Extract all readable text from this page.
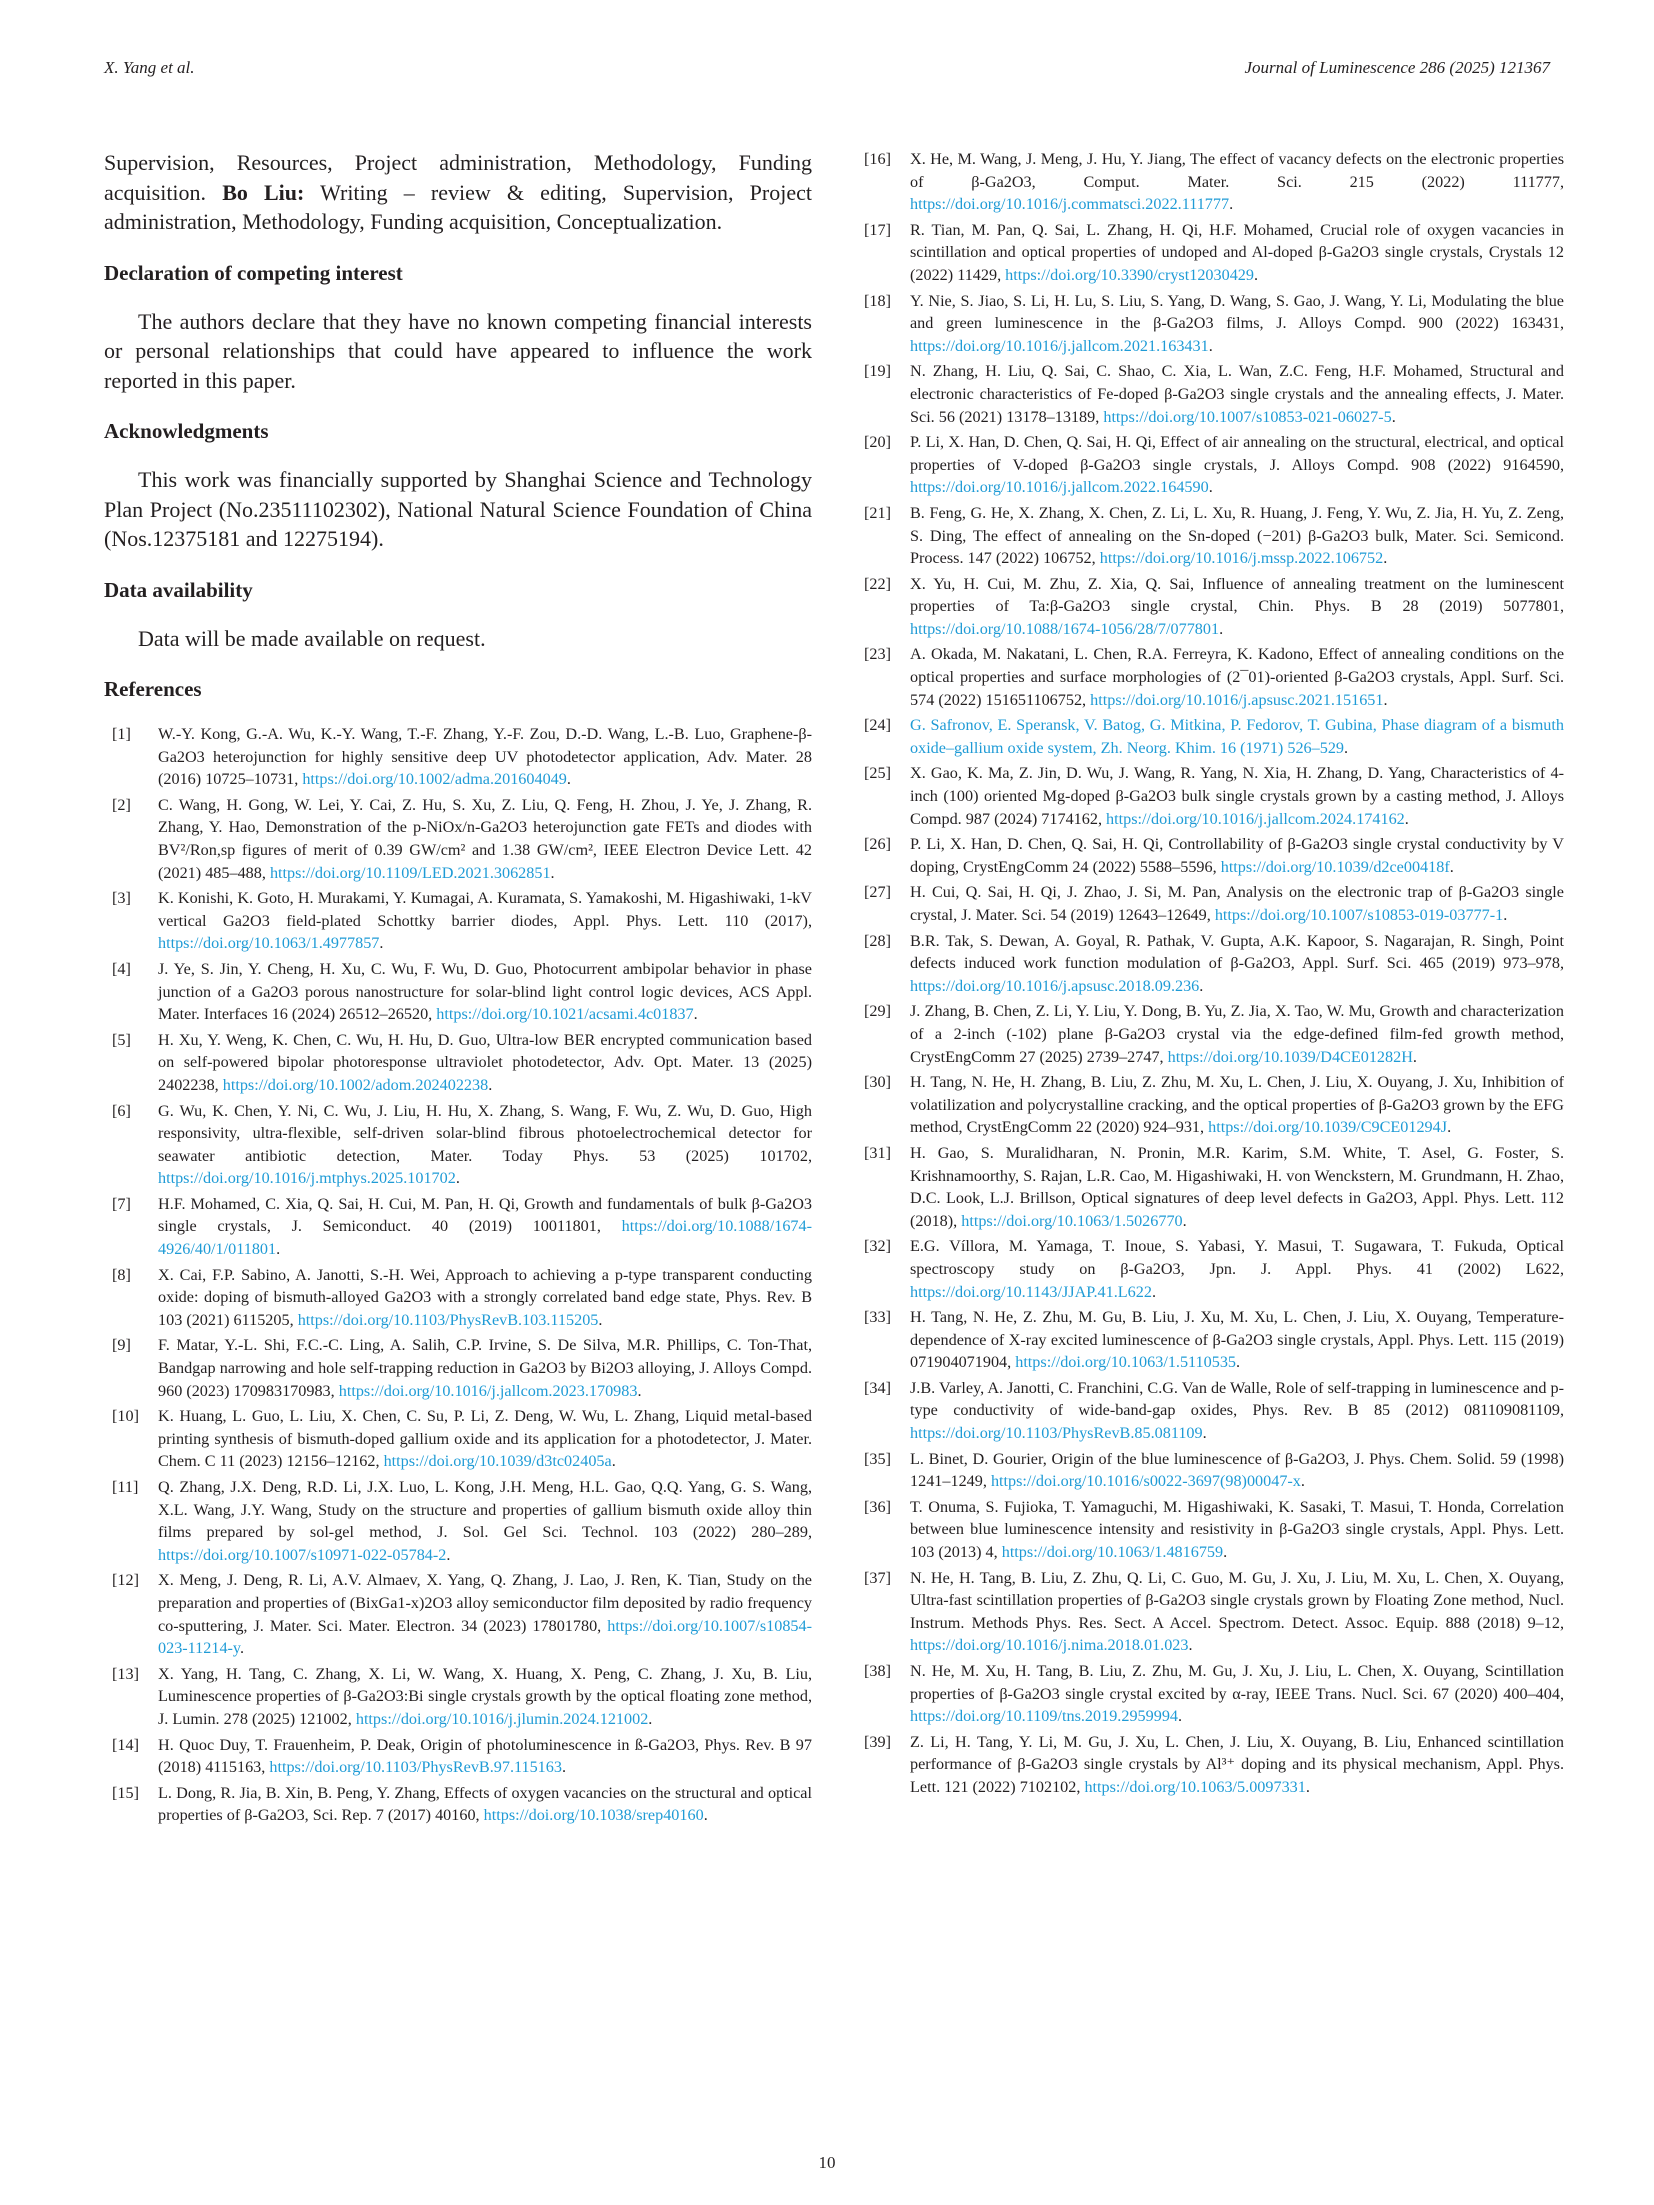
X. Yang et al.	Journal of Luminescence 286 (2025) 121367

Supervision, Resources, Project administration, Methodology, Funding acquisition. Bo Liu: Writing – review & editing, Supervision, Project administration, Methodology, Funding acquisition, Conceptualization.

Declaration of competing interest

The authors declare that they have no known competing financial interests or personal relationships that could have appeared to influence the work reported in this paper.

Acknowledgments

This work was financially supported by Shanghai Science and Technology Plan Project (No.23511102302), National Natural Science Foundation of China (Nos.12375181 and 12275194).

Data availability

Data will be made available on request.

References

[1]	W.-Y. Kong, G.-A. Wu, K.-Y. Wang, T.-F. Zhang, Y.-F. Zou, D.-D. Wang, L.-B. Luo, Graphene-β-Ga2O3 heterojunction for highly sensitive deep UV photodetector application, Adv. Mater. 28 (2016) 10725–10731, https://doi.org/10.1002/adma.201604049.

[2]	C. Wang, H. Gong, W. Lei, Y. Cai, Z. Hu, S. Xu, Z. Liu, Q. Feng, H. Zhou, J. Ye, J. Zhang, R. Zhang, Y. Hao, Demonstration of the p-NiOx/n-Ga2O3 heterojunction gate FETs and diodes with BV²/Ron,sp figures of merit of 0.39 GW/cm² and 1.38 GW/cm², IEEE Electron Device Lett. 42 (2021) 485–488, https://doi.org/10.1109/LED.2021.3062851.

[3]	K. Konishi, K. Goto, H. Murakami, Y. Kumagai, A. Kuramata, S. Yamakoshi, M. Higashiwaki, 1-kV vertical Ga2O3 field-plated Schottky barrier diodes, Appl. Phys. Lett. 110 (2017), https://doi.org/10.1063/1.4977857.

[4]	J. Ye, S. Jin, Y. Cheng, H. Xu, C. Wu, F. Wu, D. Guo, Photocurrent ambipolar behavior in phase junction of a Ga2O3 porous nanostructure for solar-blind light control logic devices, ACS Appl. Mater. Interfaces 16 (2024) 26512–26520, https://doi.org/10.1021/acsami.4c01837.

[5]	H. Xu, Y. Weng, K. Chen, C. Wu, H. Hu, D. Guo, Ultra-low BER encrypted communication based on self-powered bipolar photoresponse ultraviolet photodetector, Adv. Opt. Mater. 13 (2025) 2402238, https://doi.org/10.1002/adom.202402238.

[6]	G. Wu, K. Chen, Y. Ni, C. Wu, J. Liu, H. Hu, X. Zhang, S. Wang, F. Wu, Z. Wu, D. Guo, High responsivity, ultra-flexible, self-driven solar-blind fibrous photoelectrochemical detector for seawater antibiotic detection, Mater. Today Phys. 53 (2025) 101702, https://doi.org/10.1016/j.mtphys.2025.101702.

[7]	H.F. Mohamed, C. Xia, Q. Sai, H. Cui, M. Pan, H. Qi, Growth and fundamentals of bulk β-Ga2O3 single crystals, J. Semiconduct. 40 (2019) 10011801, https://doi.org/10.1088/1674-4926/40/1/011801.

[8]	X. Cai, F.P. Sabino, A. Janotti, S.-H. Wei, Approach to achieving a p-type transparent conducting oxide: doping of bismuth-alloyed Ga2O3 with a strongly correlated band edge state, Phys. Rev. B 103 (2021) 6115205, https://doi.org/10.1103/PhysRevB.103.115205.

[9]	F. Matar, Y.-L. Shi, F.C.-C. Ling, A. Salih, C.P. Irvine, S. De Silva, M.R. Phillips, C. Ton-That, Bandgap narrowing and hole self-trapping reduction in Ga2O3 by Bi2O3 alloying, J. Alloys Compd. 960 (2023) 170983170983, https://doi.org/10.1016/j.jallcom.2023.170983.

[10]	K. Huang, L. Guo, L. Liu, X. Chen, C. Su, P. Li, Z. Deng, W. Wu, L. Zhang, Liquid metal-based printing synthesis of bismuth-doped gallium oxide and its application for a photodetector, J. Mater. Chem. C 11 (2023) 12156–12162, https://doi.org/10.1039/d3tc02405a.

[11]	Q. Zhang, J.X. Deng, R.D. Li, J.X. Luo, L. Kong, J.H. Meng, H.L. Gao, Q.Q. Yang, G. S. Wang, X.L. Wang, J.Y. Wang, Study on the structure and properties of gallium bismuth oxide alloy thin films prepared by sol-gel method, J. Sol. Gel Sci. Technol. 103 (2022) 280–289, https://doi.org/10.1007/s10971-022-05784-2.

[12]	X. Meng, J. Deng, R. Li, A.V. Almaev, X. Yang, Q. Zhang, J. Lao, J. Ren, K. Tian, Study on the preparation and properties of (BixGa1-x)2O3 alloy semiconductor film deposited by radio frequency co-sputtering, J. Mater. Sci. Mater. Electron. 34 (2023) 17801780, https://doi.org/10.1007/s10854-023-11214-y.

[13]	X. Yang, H. Tang, C. Zhang, X. Li, W. Wang, X. Huang, X. Peng, C. Zhang, J. Xu, B. Liu, Luminescence properties of β-Ga2O3:Bi single crystals growth by the optical floating zone method, J. Lumin. 278 (2025) 121002, https://doi.org/10.1016/j.jlumin.2024.121002.

[14]	H. Quoc Duy, T. Frauenheim, P. Deak, Origin of photoluminescence in ß-Ga2O3, Phys. Rev. B 97 (2018) 4115163, https://doi.org/10.1103/PhysRevB.97.115163.

[15]	L. Dong, R. Jia, B. Xin, B. Peng, Y. Zhang, Effects of oxygen vacancies on the structural and optical properties of β-Ga2O3, Sci. Rep. 7 (2017) 40160, https://doi.org/10.1038/srep40160.

[16]	X. He, M. Wang, J. Meng, J. Hu, Y. Jiang, The effect of vacancy defects on the electronic properties of β-Ga2O3, Comput. Mater. Sci. 215 (2022) 111777, https://doi.org/10.1016/j.commatsci.2022.111777.

[17]	R. Tian, M. Pan, Q. Sai, L. Zhang, H. Qi, H.F. Mohamed, Crucial role of oxygen vacancies in scintillation and optical properties of undoped and Al-doped β-Ga2O3 single crystals, Crystals 12 (2022) 11429, https://doi.org/10.3390/cryst12030429.

[18]	Y. Nie, S. Jiao, S. Li, H. Lu, S. Liu, S. Yang, D. Wang, S. Gao, J. Wang, Y. Li, Modulating the blue and green luminescence in the β-Ga2O3 films, J. Alloys Compd. 900 (2022) 163431, https://doi.org/10.1016/j.jallcom.2021.163431.

[19]	N. Zhang, H. Liu, Q. Sai, C. Shao, C. Xia, L. Wan, Z.C. Feng, H.F. Mohamed, Structural and electronic characteristics of Fe-doped β-Ga2O3 single crystals and the annealing effects, J. Mater. Sci. 56 (2021) 13178–13189, https://doi.org/10.1007/s10853-021-06027-5.

[20]	P. Li, X. Han, D. Chen, Q. Sai, H. Qi, Effect of air annealing on the structural, electrical, and optical properties of V-doped β-Ga2O3 single crystals, J. Alloys Compd. 908 (2022) 9164590, https://doi.org/10.1016/j.jallcom.2022.164590.

[21]	B. Feng, G. He, X. Zhang, X. Chen, Z. Li, L. Xu, R. Huang, J. Feng, Y. Wu, Z. Jia, H. Yu, Z. Zeng, S. Ding, The effect of annealing on the Sn-doped (−201) β-Ga2O3 bulk, Mater. Sci. Semicond. Process. 147 (2022) 106752, https://doi.org/10.1016/j.mssp.2022.106752.

[22]	X. Yu, H. Cui, M. Zhu, Z. Xia, Q. Sai, Influence of annealing treatment on the luminescent properties of Ta:β-Ga2O3 single crystal, Chin. Phys. B 28 (2019) 5077801, https://doi.org/10.1088/1674-1056/28/7/077801.

[23]	A. Okada, M. Nakatani, L. Chen, R.A. Ferreyra, K. Kadono, Effect of annealing conditions on the optical properties and surface morphologies of (2¯01)-oriented β-Ga2O3 crystals, Appl. Surf. Sci. 574 (2022) 151651106752, https://doi.org/10.1016/j.apsusc.2021.151651.

[24]	G. Safronov, E. Speransk, V. Batog, G. Mitkina, P. Fedorov, T. Gubina, Phase diagram of a bismuth oxide–gallium oxide system, Zh. Neorg. Khim. 16 (1971) 526–529.

[25]	X. Gao, K. Ma, Z. Jin, D. Wu, J. Wang, R. Yang, N. Xia, H. Zhang, D. Yang, Characteristics of 4-inch (100) oriented Mg-doped β-Ga2O3 bulk single crystals grown by a casting method, J. Alloys Compd. 987 (2024) 7174162, https://doi.org/10.1016/j.jallcom.2024.174162.

[26]	P. Li, X. Han, D. Chen, Q. Sai, H. Qi, Controllability of β-Ga2O3 single crystal conductivity by V doping, CrystEngComm 24 (2022) 5588–5596, https://doi.org/10.1039/d2ce00418f.

[27]	H. Cui, Q. Sai, H. Qi, J. Zhao, J. Si, M. Pan, Analysis on the electronic trap of β-Ga2O3 single crystal, J. Mater. Sci. 54 (2019) 12643–12649, https://doi.org/10.1007/s10853-019-03777-1.

[28]	B.R. Tak, S. Dewan, A. Goyal, R. Pathak, V. Gupta, A.K. Kapoor, S. Nagarajan, R. Singh, Point defects induced work function modulation of β-Ga2O3, Appl. Surf. Sci. 465 (2019) 973–978, https://doi.org/10.1016/j.apsusc.2018.09.236.

[29]	J. Zhang, B. Chen, Z. Li, Y. Liu, Y. Dong, B. Yu, Z. Jia, X. Tao, W. Mu, Growth and characterization of a 2-inch (-102) plane β-Ga2O3 crystal via the edge-defined film-fed growth method, CrystEngComm 27 (2025) 2739–2747, https://doi.org/10.1039/D4CE01282H.

[30]	H. Tang, N. He, H. Zhang, B. Liu, Z. Zhu, M. Xu, L. Chen, J. Liu, X. Ouyang, J. Xu, Inhibition of volatilization and polycrystalline cracking, and the optical properties of β-Ga2O3 grown by the EFG method, CrystEngComm 22 (2020) 924–931, https://doi.org/10.1039/C9CE01294J.

[31]	H. Gao, S. Muralidharan, N. Pronin, M.R. Karim, S.M. White, T. Asel, G. Foster, S. Krishnamoorthy, S. Rajan, L.R. Cao, M. Higashiwaki, H. von Wenckstern, M. Grundmann, H. Zhao, D.C. Look, L.J. Brillson, Optical signatures of deep level defects in Ga2O3, Appl. Phys. Lett. 112 (2018), https://doi.org/10.1063/1.5026770.

[32]	E.G. Víllora, M. Yamaga, T. Inoue, S. Yabasi, Y. Masui, T. Sugawara, T. Fukuda, Optical spectroscopy study on β-Ga2O3, Jpn. J. Appl. Phys. 41 (2002) L622, https://doi.org/10.1143/JJAP.41.L622.

[33]	H. Tang, N. He, Z. Zhu, M. Gu, B. Liu, J. Xu, M. Xu, L. Chen, J. Liu, X. Ouyang, Temperature-dependence of X-ray excited luminescence of β-Ga2O3 single crystals, Appl. Phys. Lett. 115 (2019) 071904071904, https://doi.org/10.1063/1.5110535.

[34]	J.B. Varley, A. Janotti, C. Franchini, C.G. Van de Walle, Role of self-trapping in luminescence and p-type conductivity of wide-band-gap oxides, Phys. Rev. B 85 (2012) 081109081109, https://doi.org/10.1103/PhysRevB.85.081109.

[35]	L. Binet, D. Gourier, Origin of the blue luminescence of β-Ga2O3, J. Phys. Chem. Solid. 59 (1998) 1241–1249, https://doi.org/10.1016/s0022-3697(98)00047-x.

[36]	T. Onuma, S. Fujioka, T. Yamaguchi, M. Higashiwaki, K. Sasaki, T. Masui, T. Honda, Correlation between blue luminescence intensity and resistivity in β-Ga2O3 single crystals, Appl. Phys. Lett. 103 (2013) 4, https://doi.org/10.1063/1.4816759.

[37]	N. He, H. Tang, B. Liu, Z. Zhu, Q. Li, C. Guo, M. Gu, J. Xu, J. Liu, M. Xu, L. Chen, X. Ouyang, Ultra-fast scintillation properties of β-Ga2O3 single crystals grown by Floating Zone method, Nucl. Instrum. Methods Phys. Res. Sect. A Accel. Spectrom. Detect. Assoc. Equip. 888 (2018) 9–12, https://doi.org/10.1016/j.nima.2018.01.023.

[38]	N. He, M. Xu, H. Tang, B. Liu, Z. Zhu, M. Gu, J. Xu, J. Liu, L. Chen, X. Ouyang, Scintillation properties of β-Ga2O3 single crystal excited by α-ray, IEEE Trans. Nucl. Sci. 67 (2020) 400–404, https://doi.org/10.1109/tns.2019.2959994.

[39]	Z. Li, H. Tang, Y. Li, M. Gu, J. Xu, L. Chen, J. Liu, X. Ouyang, B. Liu, Enhanced scintillation performance of β-Ga2O3 single crystals by Al³⁺ doping and its physical mechanism, Appl. Phys. Lett. 121 (2022) 7102102, https://doi.org/10.1063/5.0097331.

10
